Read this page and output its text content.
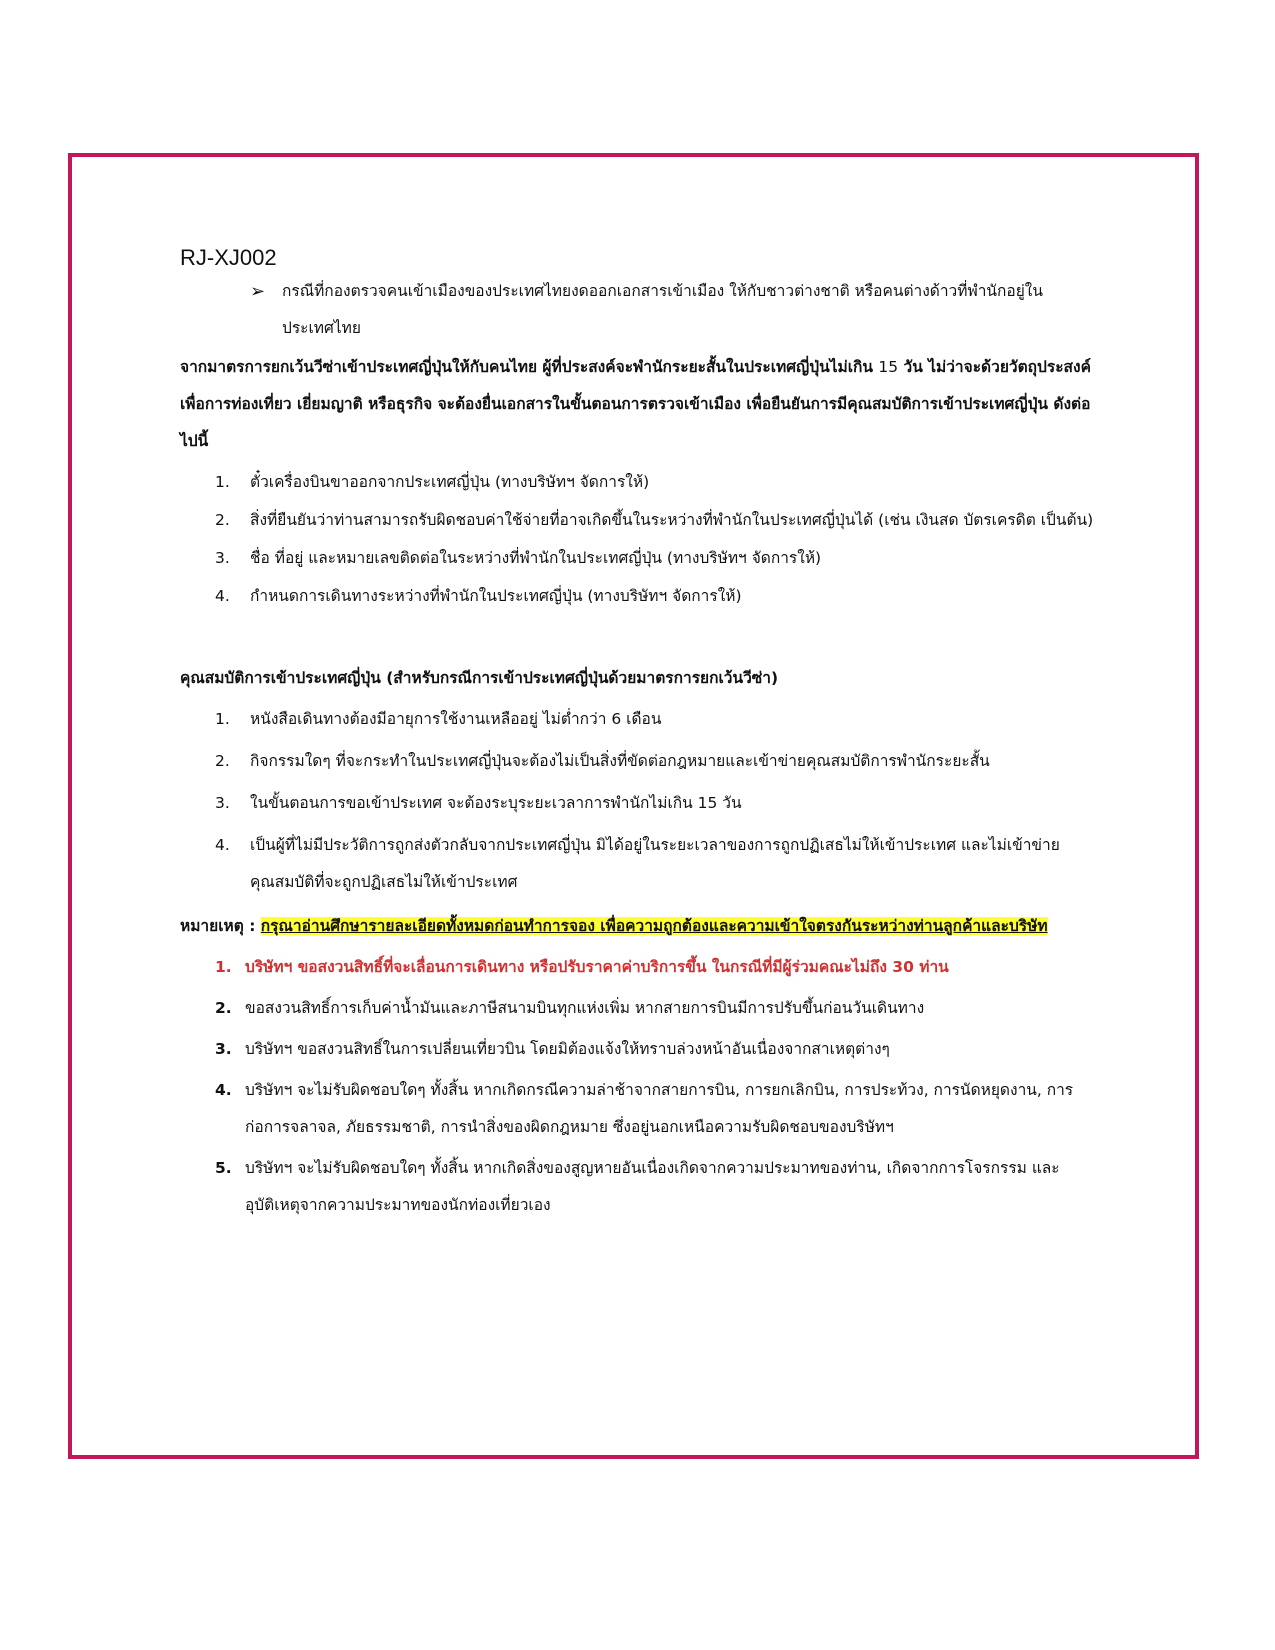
RJ-XJ002
➢	กรณีที่กองตรวจคนเข้าเมืองของประเทศไทยงดออกเอกสารเข้าเมือง ให้กับชาวต่างชาติ หรือคนต่างด้าวที่พำนักอยู่ในประเทศไทย
จากมาตรการยกเว้นวีซ่าเข้าประเทศญี่ปุ่นให้กับคนไทย ผู้ที่ประสงค์จะพำนักระยะสั้นในประเทศญี่ปุ่นไม่เกิน 15 วัน ไม่ว่าจะด้วยวัตถุประสงค์เพื่อการท่องเที่ยว เยี่ยมญาติ หรือธุรกิจ จะต้องยื่นเอกสารในขั้นตอนการตรวจเข้าเมือง เพื่อยืนยันการมีคุณสมบัติการเข้าประเทศญี่ปุ่น ดังต่อไปนี้
1.	ตั๋วเครื่องบินขาออกจากประเทศญี่ปุ่น (ทางบริษัทฯ จัดการให้)
2.	สิ่งที่ยืนยันว่าท่านสามารถรับผิดชอบค่าใช้จ่ายที่อาจเกิดขึ้นในระหว่างที่พำนักในประเทศญี่ปุ่นได้ (เช่น เงินสด บัตรเครดิต เป็นต้น)
3.	ชื่อ ที่อยู่ และหมายเลขติดต่อในระหว่างที่พำนักในประเทศญี่ปุ่น (ทางบริษัทฯ จัดการให้)
4.	กำหนดการเดินทางระหว่างที่พำนักในประเทศญี่ปุ่น (ทางบริษัทฯ จัดการให้)
คุณสมบัติการเข้าประเทศญี่ปุ่น (สำหรับกรณีการเข้าประเทศญี่ปุ่นด้วยมาตรการยกเว้นวีซ่า)
1.	หนังสือเดินทางต้องมีอายุการใช้งานเหลืออยู่ ไม่ต่ำกว่า 6 เดือน
2.	กิจกรรมใดๆ ที่จะกระทำในประเทศญี่ปุ่นจะต้องไม่เป็นสิ่งที่ขัดต่อกฎหมายและเข้าข่ายคุณสมบัติการพำนักระยะสั้น
3.	ในขั้นตอนการขอเข้าประเทศ จะต้องระบุระยะเวลาการพำนักไม่เกิน 15 วัน
4.	เป็นผู้ที่ไม่มีประวัติการถูกส่งตัวกลับจากประเทศญี่ปุ่น มิได้อยู่ในระยะเวลาของการถูกปฏิเสธไม่ให้เข้าประเทศ และไม่เข้าข่ายคุณสมบัติที่จะถูกปฏิเสธไม่ให้เข้าประเทศ
หมายเหตุ : กรุณาอ่านศึกษารายละเอียดทั้งหมดก่อนทำการจอง เพื่อความถูกต้องและความเข้าใจตรงกันระหว่างท่านลูกค้าและบริษัท
1. บริษัทฯ ขอสงวนสิทธิ์ที่จะเลื่อนการเดินทาง หรือปรับราคาค่าบริการขึ้น ในกรณีที่มีผู้ร่วมคณะไม่ถึง 30 ท่าน
2. ขอสงวนสิทธิ์การเก็บค่าน้ำมันและภาษีสนามบินทุกแห่งเพิ่ม หากสายการบินมีการปรับขึ้นก่อนวันเดินทาง
3. บริษัทฯ ขอสงวนสิทธิ์ในการเปลี่ยนเที่ยวบิน โดยมิต้องแจ้งให้ทราบล่วงหน้าอันเนื่องจากสาเหตุต่างๆ
4. บริษัทฯ จะไม่รับผิดชอบใดๆ ทั้งสิ้น หากเกิดกรณีความล่าช้าจากสายการบิน, การยกเลิกบิน, การประท้วง, การนัดหยุดงาน, การก่อการจลาจล, ภัยธรรมชาติ, การนำสิ่งของผิดกฎหมาย ซึ่งอยู่นอกเหนือความรับผิดชอบของบริษัทฯ
5. บริษัทฯ จะไม่รับผิดชอบใดๆ ทั้งสิ้น หากเกิดสิ่งของสูญหายอันเนื่องเกิดจากความประมาทของท่าน, เกิดจากการโจรกรรม และอุบัติเหตุจากความประมาทของนักท่องเที่ยวเอง
